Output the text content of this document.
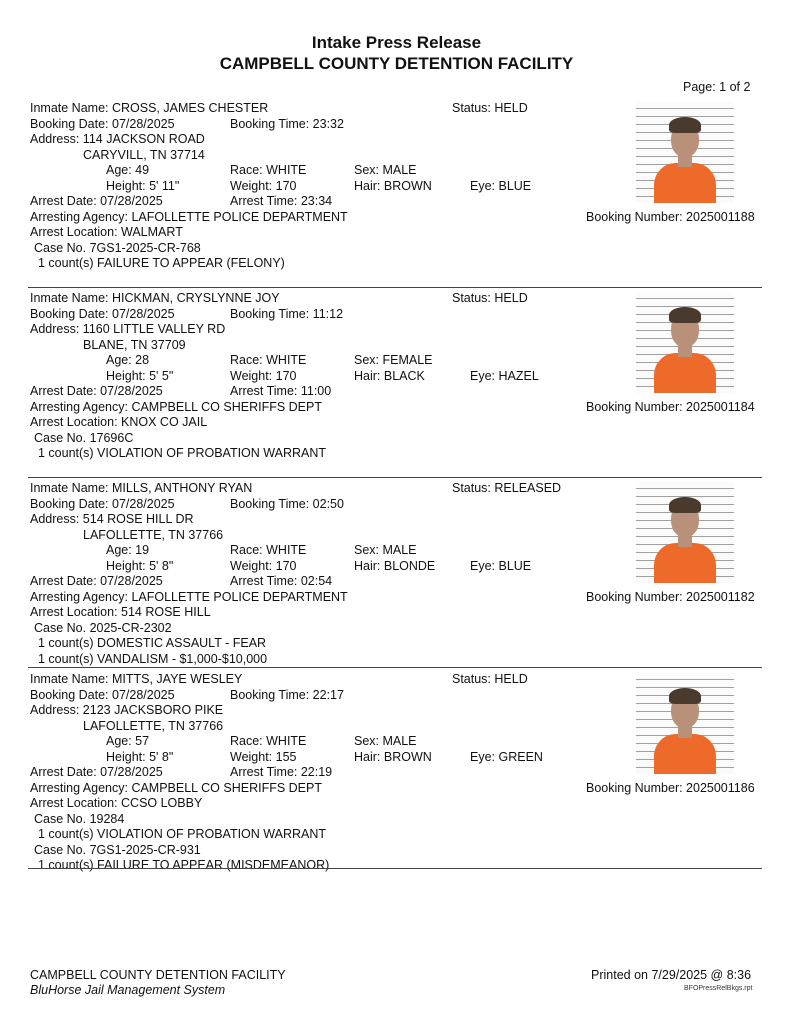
Intake Press Release
CAMPBELL COUNTY DETENTION FACILITY
Page: 1 of 2
Inmate Name: CROSS, JAMES CHESTER	Status: HELD
Booking Date: 07/28/2025	Booking Time: 23:32
Address: 114 JACKSON ROAD
CARYVILL, TN 37714
Age: 49	Race: WHITE	Sex: MALE
Height: 5' 11"	Weight: 170	Hair: BROWN	Eye: BLUE
Arrest Date: 07/28/2025	Arrest Time: 23:34
Arresting Agency: LAFOLLETTE POLICE DEPARTMENT	Booking Number: 2025001188
Arrest Location: WALMART
Case No. 7GS1-2025-CR-768
1 count(s) FAILURE TO APPEAR (FELONY)
Inmate Name: HICKMAN, CRYSLYNNE JOY	Status: HELD
Booking Date: 07/28/2025	Booking Time: 11:12
Address: 1160 LITTLE VALLEY RD
BLANE, TN 37709
Age: 28	Race: WHITE	Sex: FEMALE
Height: 5' 5"	Weight: 170	Hair: BLACK	Eye: HAZEL
Arrest Date: 07/28/2025	Arrest Time: 11:00
Arresting Agency: CAMPBELL CO SHERIFFS DEPT	Booking Number: 2025001184
Arrest Location: KNOX CO JAIL
Case No. 17696C
1 count(s) VIOLATION OF PROBATION WARRANT
Inmate Name: MILLS, ANTHONY RYAN	Status: RELEASED
Booking Date: 07/28/2025	Booking Time: 02:50
Address: 514 ROSE HILL DR
LAFOLLETTE, TN 37766
Age: 19	Race: WHITE	Sex: MALE
Height: 5' 8"	Weight: 170	Hair: BLONDE	Eye: BLUE
Arrest Date: 07/28/2025	Arrest Time: 02:54
Arresting Agency: LAFOLLETTE POLICE DEPARTMENT	Booking Number: 2025001182
Arrest Location: 514 ROSE HILL
Case No. 2025-CR-2302
1 count(s) DOMESTIC ASSAULT - FEAR
1 count(s) VANDALISM - $1,000-$10,000
Inmate Name: MITTS, JAYE WESLEY	Status: HELD
Booking Date: 07/28/2025	Booking Time: 22:17
Address: 2123 JACKSBORO PIKE
LAFOLLETTE, TN 37766
Age: 57	Race: WHITE	Sex: MALE
Height: 5' 8"	Weight: 155	Hair: BROWN	Eye: GREEN
Arrest Date: 07/28/2025	Arrest Time: 22:19
Arresting Agency: CAMPBELL CO SHERIFFS DEPT	Booking Number: 2025001186
Arrest Location: CCSO LOBBY
Case No. 19284
1 count(s) VIOLATION OF PROBATION WARRANT
Case No. 7GS1-2025-CR-931
1 count(s) FAILURE TO APPEAR (MISDEMEANOR)
CAMPBELL COUNTY DETENTION FACILITY
BluHorse Jail Management System
Printed on 7/29/2025 @ 8:36
BFOPressRelBkgs.rpt
